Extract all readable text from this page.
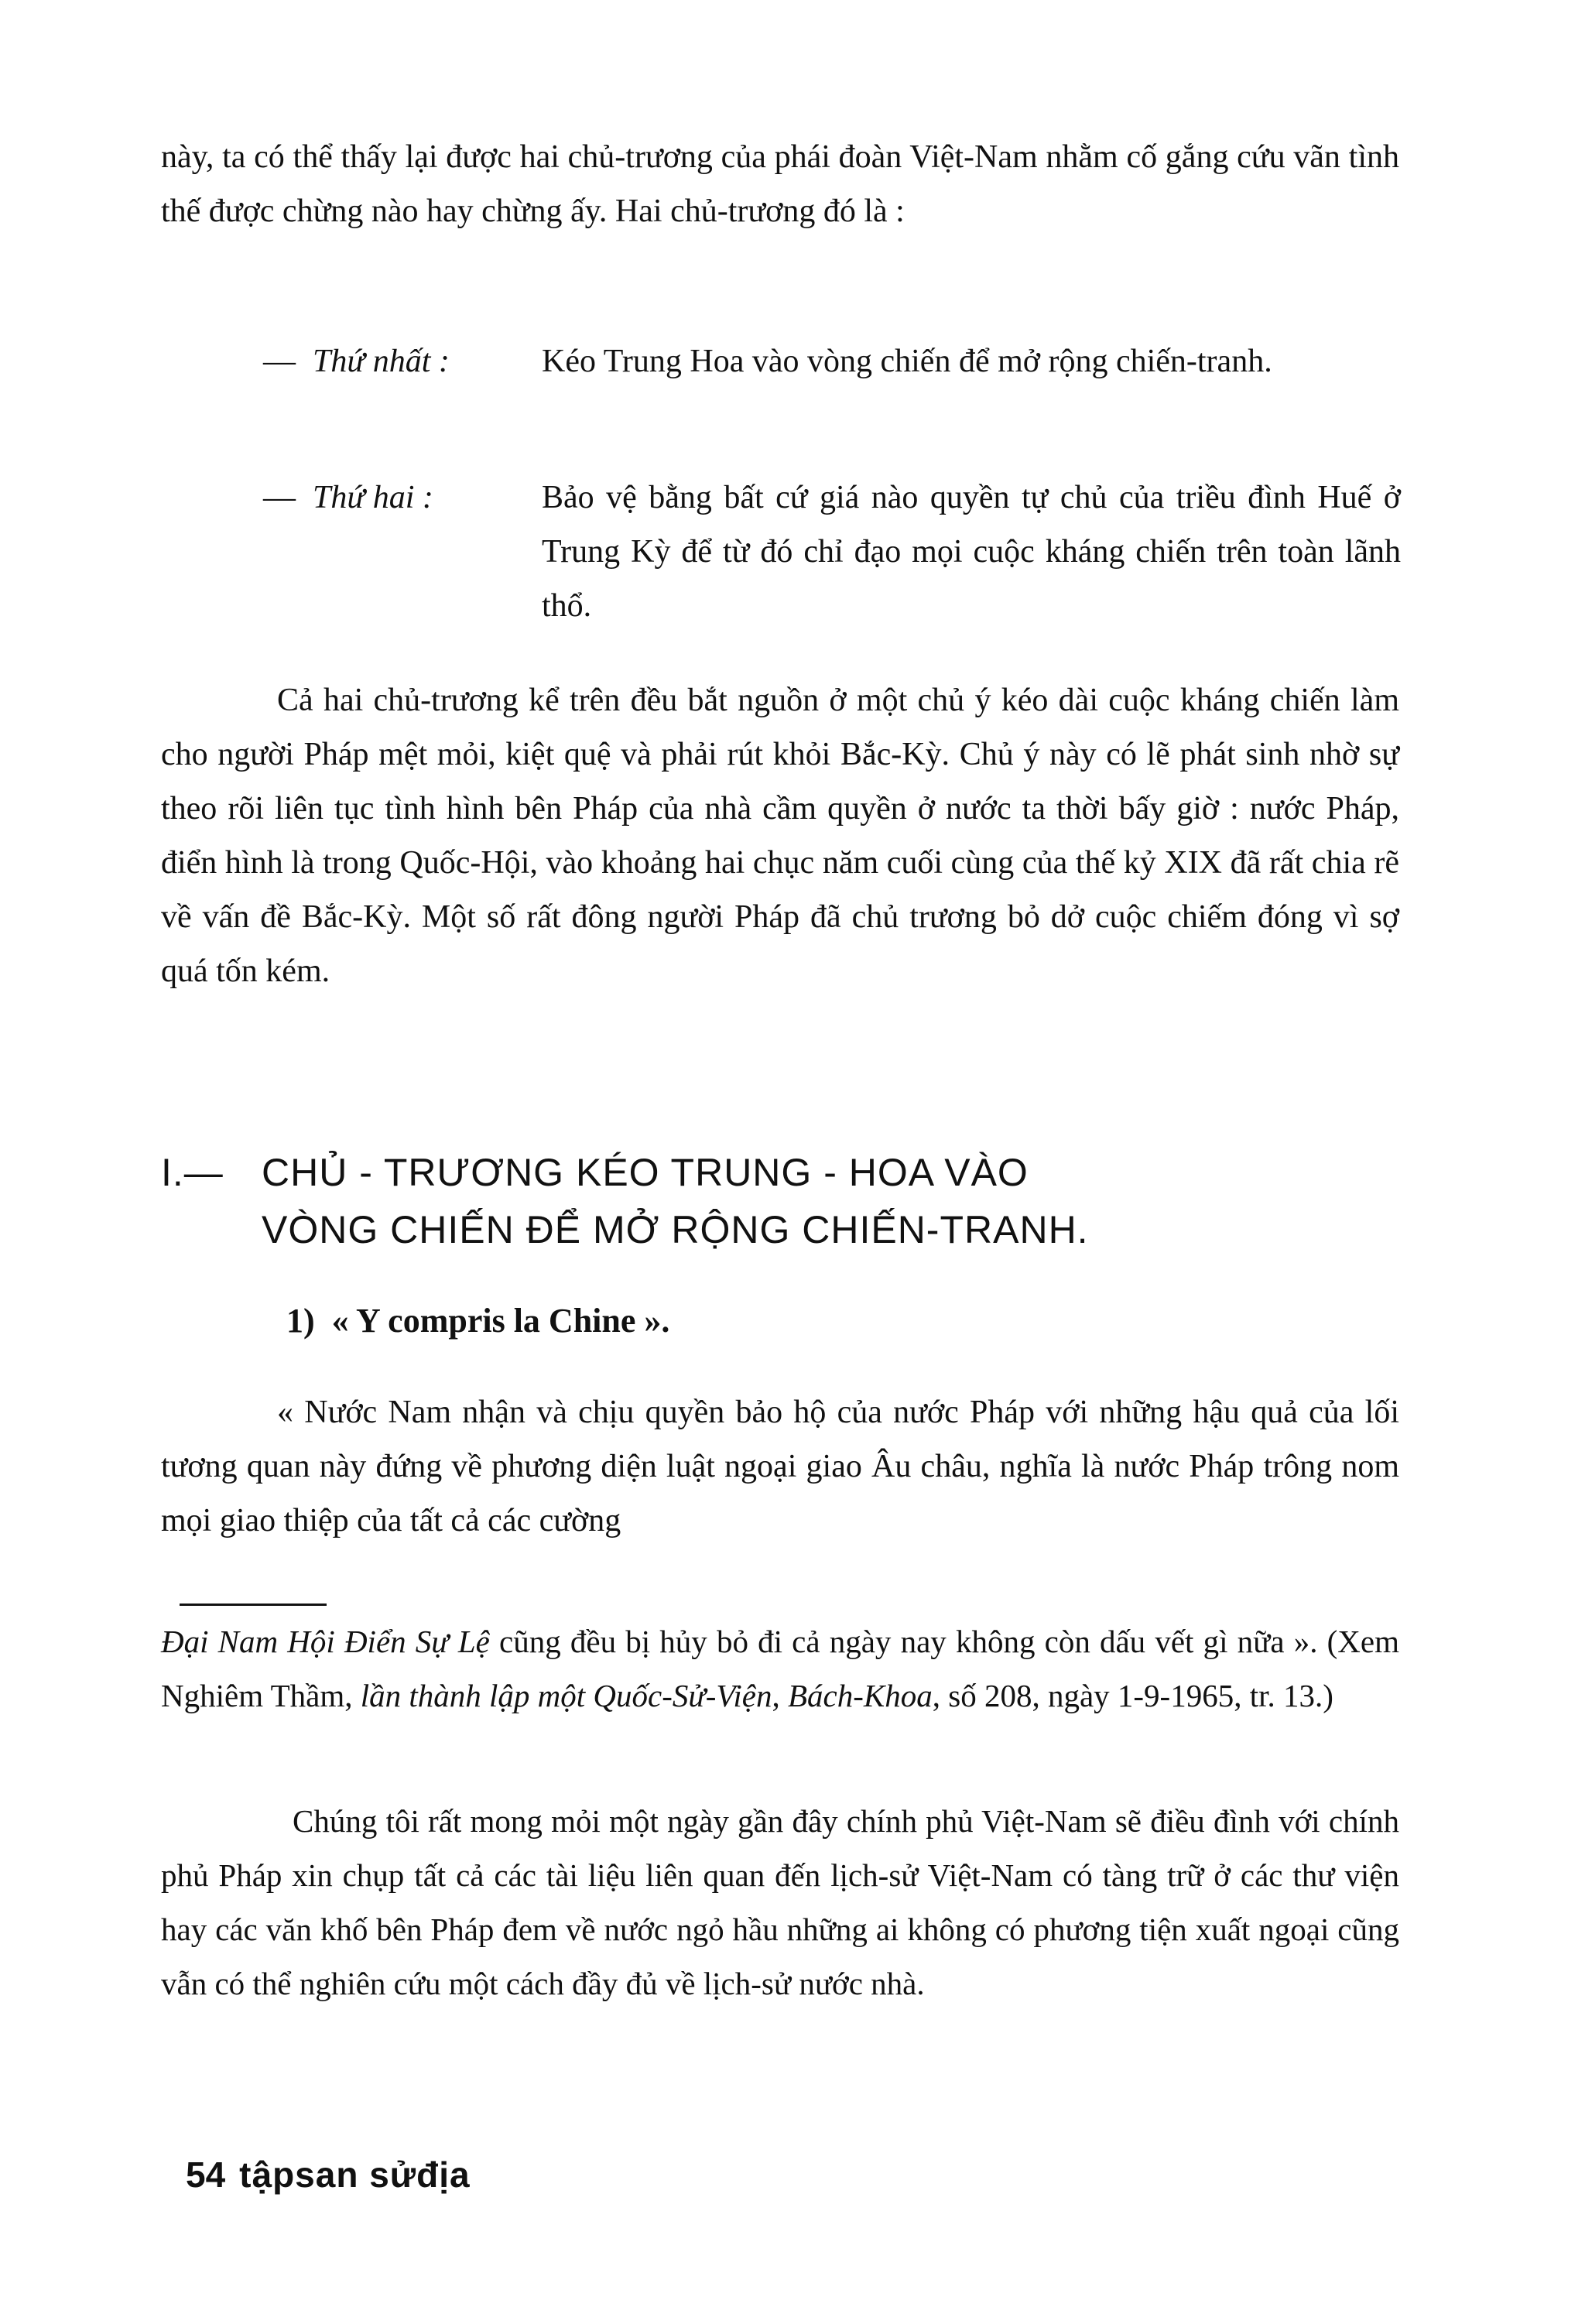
này, ta có thể thấy lại được hai chủ-trương của phái đoàn Việt-Nam nhằm cố gắng cứu vãn tình thế được chừng nào hay chừng ấy. Hai chủ-trương đó là :
— Thứ nhất :	Kéo Trung Hoa vào vòng chiến để mở rộng chiến-tranh.
— Thứ hai :	Bảo vệ bằng bất cứ giá nào quyền tự chủ của triều đình Huế ở Trung Kỳ để từ đó chỉ đạo mọi cuộc kháng chiến trên toàn lãnh thổ.
Cả hai chủ-trương kể trên đều bắt nguồn ở một chủ ý kéo dài cuộc kháng chiến làm cho người Pháp mệt mỏi, kiệt quệ và phải rút khỏi Bắc-Kỳ. Chủ ý này có lẽ phát sinh nhờ sự theo rõi liên tục tình hình bên Pháp của nhà cầm quyền ở nước ta thời bấy giờ : nước Pháp, điển hình là trong Quốc-Hội, vào khoảng hai chục năm cuối cùng của thế kỷ XIX đã rất chia rẽ về vấn đề Bắc-Kỳ. Một số rất đông người Pháp đã chủ trương bỏ dở cuộc chiếm đóng vì sợ quá tốn kém.
I.— CHỦ - TRƯƠNG KÉO TRUNG - HOA VÀO
VÒNG CHIẾN ĐỂ MỞ RỘNG CHIẾN-TRANH.
1) « Y compris la Chine ».
« Nước Nam nhận và chịu quyền bảo hộ của nước Pháp với những hậu quả của lối tương quan này đứng về phương diện luật ngoại giao Âu châu, nghĩa là nước Pháp trông nom mọi giao thiệp của tất cả các cường
Đại Nam Hội Điển Sự Lệ cũng đều bị hủy bỏ đi cả ngày nay không còn dấu vết gì nữa ». (Xem Nghiêm Thầm, lần thành lập một Quốc-Sử-Viện, Bách-Khoa, số 208, ngày 1-9-1965, tr. 13.)
Chúng tôi rất mong mỏi một ngày gần đây chính phủ Việt-Nam sẽ điều đình với chính phủ Pháp xin chụp tất cả các tài liệu liên quan đến lịch-sử Việt-Nam có tàng trữ ở các thư viện hay các văn khố bên Pháp đem về nước ngỏ hầu những ai không có phương tiện xuất ngoại cũng vẫn có thể nghiên cứu một cách đầy đủ về lịch-sử nước nhà.
54 tậpsan sửđịa
